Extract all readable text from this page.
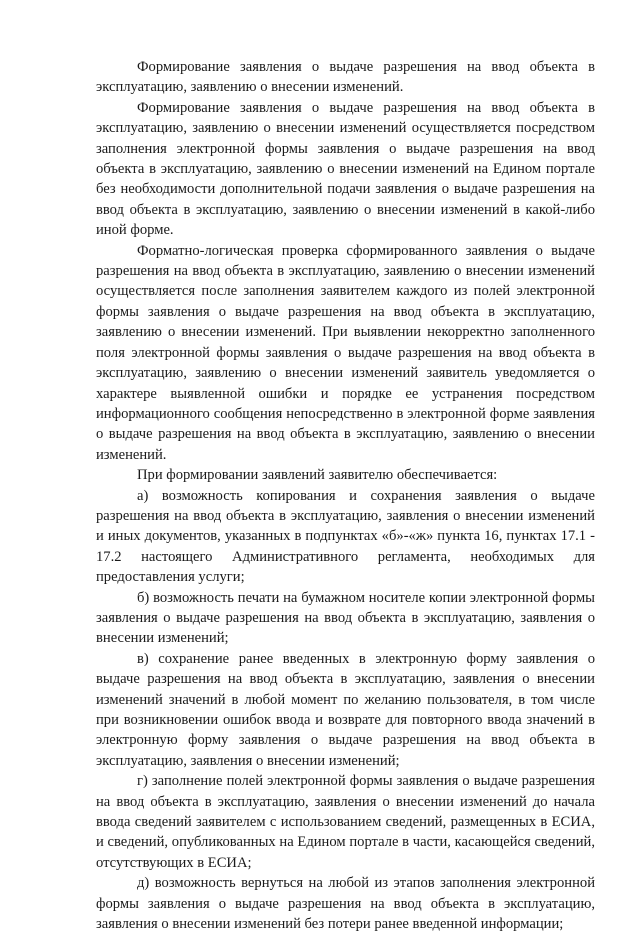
Формирование заявления о выдаче разрешения на ввод объекта в эксплуатацию, заявлению о внесении изменений.

Формирование заявления о выдаче разрешения на ввод объекта в эксплуатацию, заявлению о внесении изменений осуществляется посредством заполнения электронной формы заявления о выдаче разрешения на ввод объекта в эксплуатацию, заявлению о внесении изменений на Едином портале без необходимости дополнительной подачи заявления о выдаче разрешения на ввод объекта в эксплуатацию, заявлению о внесении изменений в какой-либо иной форме.

Форматно-логическая проверка сформированного заявления о выдаче разрешения на ввод объекта в эксплуатацию, заявлению о внесении изменений осуществляется после заполнения заявителем каждого из полей электронной формы заявления о выдаче разрешения на ввод объекта в эксплуатацию, заявлению о внесении изменений. При выявлении некорректно заполненного поля электронной формы заявления о выдаче разрешения на ввод объекта в эксплуатацию, заявлению о внесении изменений заявитель уведомляется о характере выявленной ошибки и порядке ее устранения посредством информационного сообщения непосредственно в электронной форме заявления о выдаче разрешения на ввод объекта в эксплуатацию, заявлению о внесении изменений.

При формировании заявлений заявителю обеспечивается:

а) возможность копирования и сохранения заявления о выдаче разрешения на ввод объекта в эксплуатацию, заявления о внесении изменений и иных документов, указанных в подпунктах «б»-«ж» пункта 16, пунктах 17.1 - 17.2 настоящего Административного регламента, необходимых для предоставления услуги;

б) возможность печати на бумажном носителе копии электронной формы заявления о выдаче разрешения на ввод объекта в эксплуатацию, заявления о внесении изменений;

в) сохранение ранее введенных в электронную форму заявления о выдаче разрешения на ввод объекта в эксплуатацию, заявления о внесении изменений значений в любой момент по желанию пользователя, в том числе при возникновении ошибок ввода и возврате для повторного ввода значений в электронную форму заявления о выдаче разрешения на ввод объекта в эксплуатацию, заявления о внесении изменений;

г) заполнение полей электронной формы заявления о выдаче разрешения на ввод объекта в эксплуатацию, заявления о внесении изменений до начала ввода сведений заявителем с использованием сведений, размещенных в ЕСИА, и сведений, опубликованных на Едином портале в части, касающейся сведений, отсутствующих в ЕСИА;

д) возможность вернуться на любой из этапов заполнения электронной формы заявления о выдаче разрешения на ввод объекта в эксплуатацию, заявления о внесении изменений без потери ранее введенной информации;
